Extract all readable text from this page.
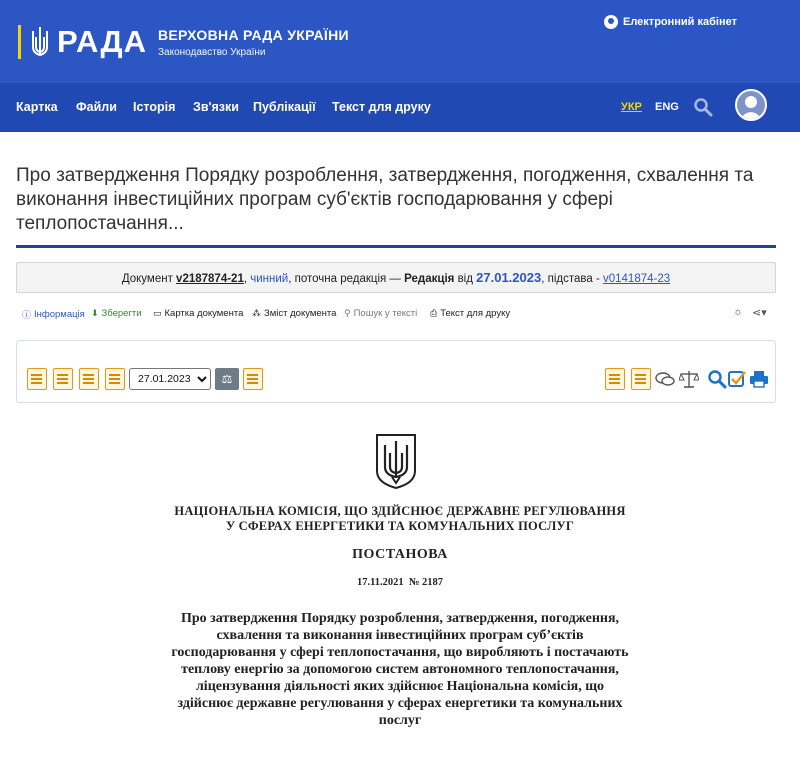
РАДА ВЕРХОВНА РАДА УКРАЇНИ
Законодавство України
Електронний кабінет
Картка Файли Історія Зв'язки Публікації Текст для друку	УКР ENG
Про затвердження Порядку розроблення, затвердження, погодження, схвалення та виконання інвестиційних програм суб'єктів господарювання у сфері теплопостачання...
Документ v2187874-21, чинний, поточна редакція — Редакція від 27.01.2023, підстава - v0141874-23
ⓘ Інформація ⬇ Зберегти ▭ Картка документа ⁂ Зміст документа ⚲ Пошук у тексті ⎙ Текст для друку	☼ ⋖▾
27.01.2023
⚖
НАЦІОНАЛЬНА КОМІСІЯ, ЩО ЗДІЙСНЮЄ ДЕРЖАВНЕ РЕГУЛЮВАННЯ
У СФЕРАХ ЕНЕРГЕТИКИ ТА КОМУНАЛЬНИХ ПОСЛУГ
ПОСТАНОВА
17.11.2021  № 2187
Про затвердження Порядку розроблення, затвердження, погодження, схвалення та виконання інвестиційних програм суб’єктів господарювання у сфері теплопостачання, що виробляють і постачають теплову енергію за допомогою систем автономного теплопостачання, ліцензування діяльності яких здійснює Національна комісія, що здійснює державне регулювання у сферах енергетики та комунальних послуг
